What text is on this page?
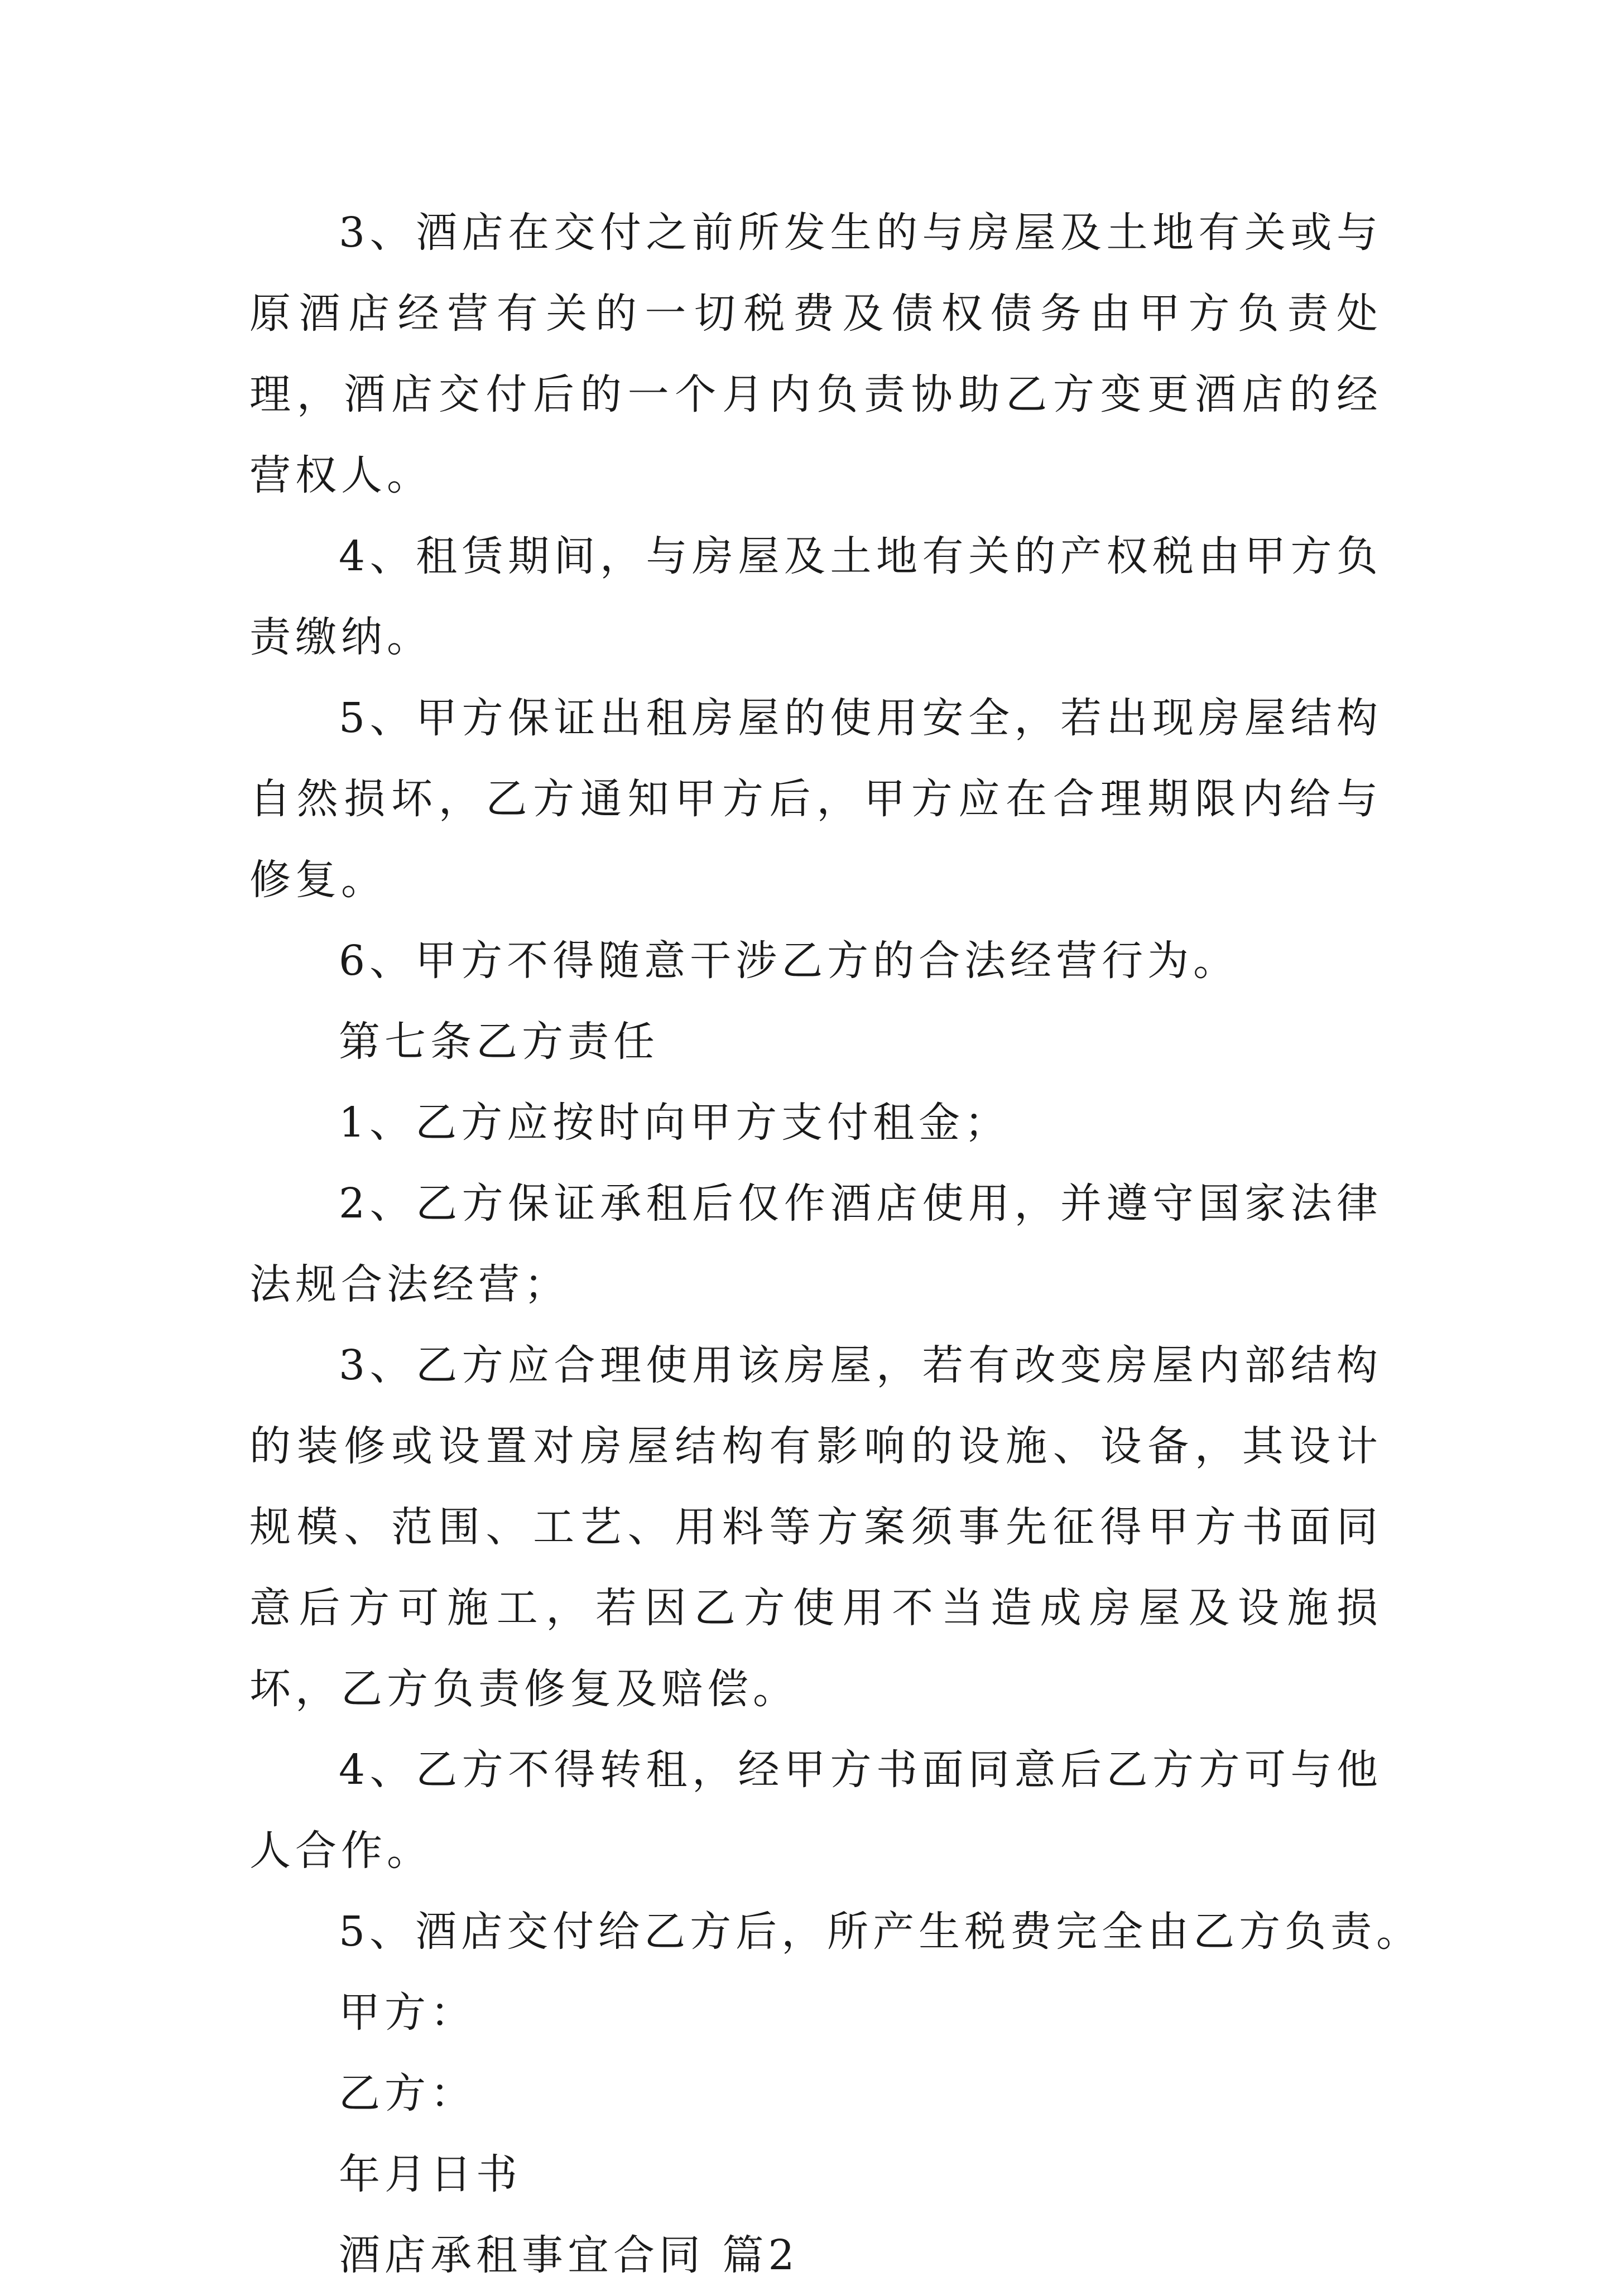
3、酒店在交付之前所发生的与房屋及土地有关或与原酒店经营有关的一切税费及债权债务由甲方负责处理，酒店交付后的一个月内负责协助乙方变更酒店的经营权人。

4、租赁期间，与房屋及土地有关的产权税由甲方负责缴纳。

5、甲方保证出租房屋的使用安全，若出现房屋结构自然损坏，乙方通知甲方后，甲方应在合理期限内给与修复。

6、甲方不得随意干涉乙方的合法经营行为。

第七条乙方责任

1、乙方应按时向甲方支付租金；

2、乙方保证承租后仅作酒店使用，并遵守国家法律法规合法经营；

3、乙方应合理使用该房屋，若有改变房屋内部结构的装修或设置对房屋结构有影响的设施、设备，其设计规模、范围、工艺、用料等方案须事先征得甲方书面同意后方可施工，若因乙方使用不当造成房屋及设施损坏，乙方负责修复及赔偿。

4、乙方不得转租，经甲方书面同意后乙方方可与他人合作。

5、酒店交付给乙方后，所产生税费完全由乙方负责。

甲方：

乙方：

年月日书

酒店承租事宜合同 篇2
